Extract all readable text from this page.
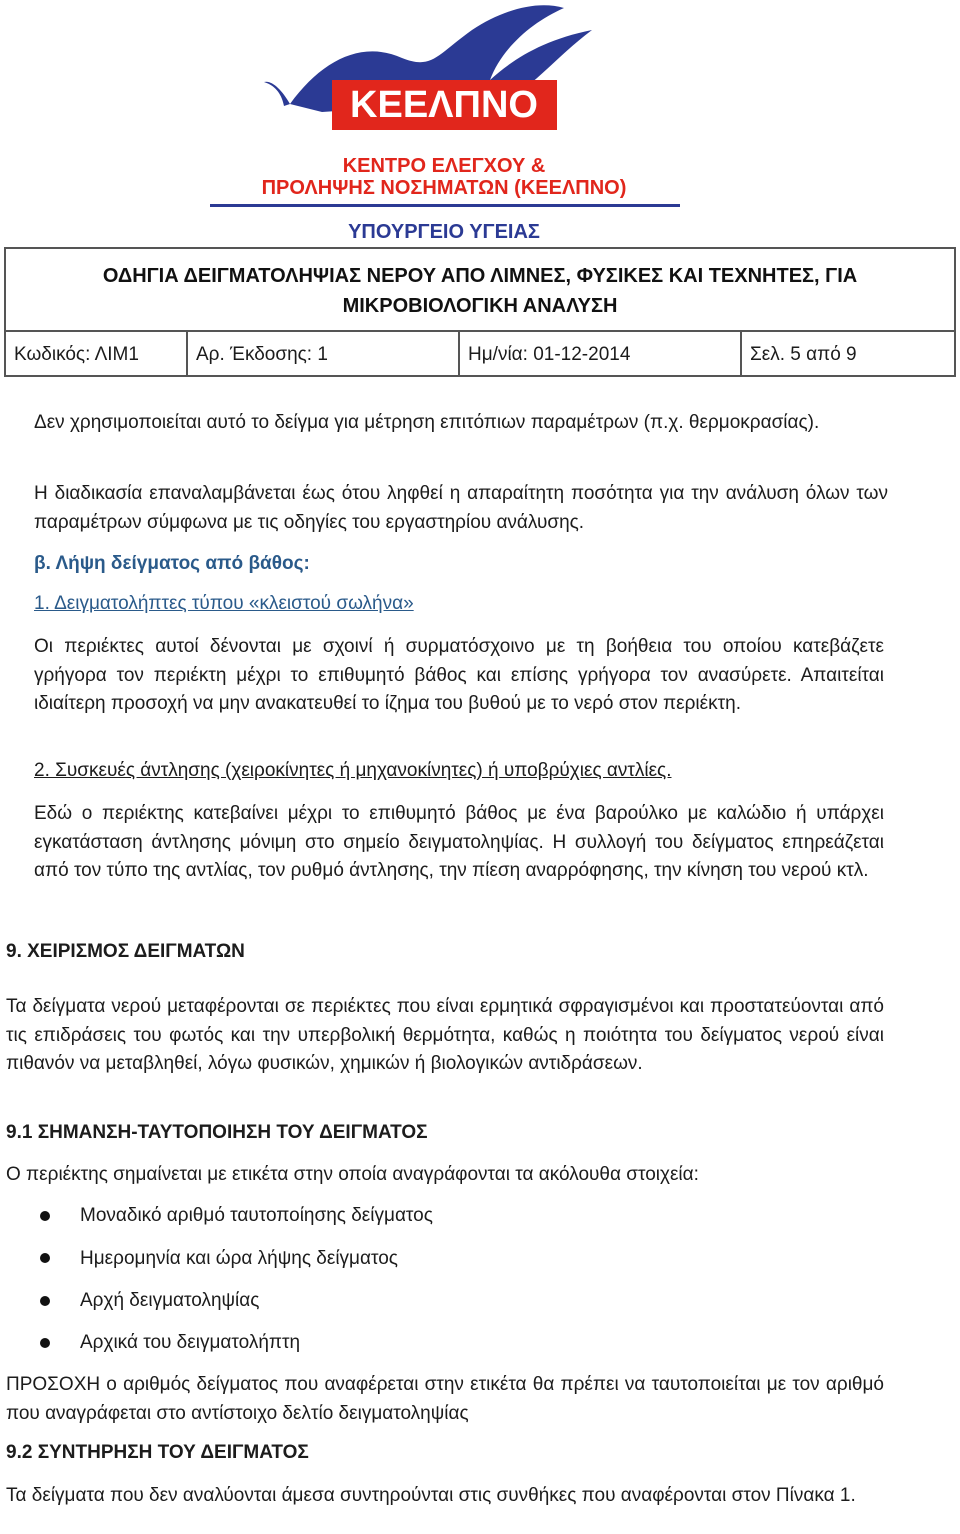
ΚΕΕΛΠΝΟ
ΚΕΝΤΡΟ ΕΛΕΓΧΟΥ &
ΠΡΟΛΗΨΗΣ ΝΟΣΗΜΑΤΩΝ (ΚΕΕΛΠΝΟ)
ΥΠΟΥΡΓΕΙΟ ΥΓΕΙΑΣ
ΟΔΗΓΙΑ ΔΕΙΓΜΑΤΟΛΗΨΙΑΣ ΝΕΡΟΥ ΑΠΟ ΛΙΜΝΕΣ, ΦΥΣΙΚΕΣ ΚΑΙ ΤΕΧΝΗΤΕΣ, ΓΙΑ
ΜΙΚΡΟΒΙΟΛΟΓΙΚΗ ΑΝΑΛΥΣΗ
Κωδικός: ΛΙΜ1	Αρ. Έκδοσης: 1	Ημ/νία: 01-12-2014	Σελ. 5 από 9
Δεν χρησιμοποιείται αυτό το δείγμα για μέτρηση επιτόπιων παραμέτρων (π.χ. θερμοκρασίας).
Η διαδικασία επαναλαμβάνεται έως ότου ληφθεί η απαραίτητη ποσότητα για την ανάλυση όλων των παραμέτρων σύμφωνα με τις οδηγίες του εργαστηρίου ανάλυσης.
β. Λήψη δείγματος από βάθος:
1. Δειγματολήπτες τύπου «κλειστού σωλήνα»
Οι περιέκτες αυτοί δένονται με σχοινί ή συρματόσχοινο με τη βοήθεια του οποίου κατεβάζετε γρήγορα τον περιέκτη μέχρι το επιθυμητό βάθος και επίσης γρήγορα τον ανασύρετε. Απαιτείται ιδιαίτερη προσοχή να μην ανακατευθεί το ίζημα του βυθού με το νερό στον περιέκτη.
2. Συσκευές άντλησης (χειροκίνητες ή μηχανοκίνητες) ή υποβρύχιες αντλίες.
Εδώ ο περιέκτης κατεβαίνει μέχρι το επιθυμητό βάθος με ένα βαρούλκο με καλώδιο ή υπάρχει εγκατάσταση άντλησης μόνιμη στο σημείο δειγματοληψίας. Η συλλογή του δείγματος επηρεάζεται από τον τύπο της αντλίας, τον ρυθμό άντλησης, την πίεση αναρρόφησης, την κίνηση του νερού κτλ.
9. ΧΕΙΡΙΣΜΟΣ ΔΕΙΓΜΑΤΩΝ
Τα δείγματα νερού μεταφέρονται σε περιέκτες που είναι ερμητικά σφραγισμένοι και προστατεύονται από τις επιδράσεις του φωτός και την υπερβολική θερμότητα, καθώς η ποιότητα του δείγματος νερού είναι πιθανόν να μεταβληθεί, λόγω φυσικών, χημικών ή βιολογικών αντιδράσεων.
9.1 ΣΗΜΑΝΣΗ-ΤΑΥΤΟΠΟΙΗΣΗ ΤΟΥ ΔΕΙΓΜΑΤΟΣ
Ο περιέκτης σημαίνεται με ετικέτα στην οποία αναγράφονται τα ακόλουθα στοιχεία:
Μοναδικό αριθμό ταυτοποίησης δείγματος
Ημερομηνία και ώρα λήψης δείγματος
Αρχή δειγματοληψίας
Αρχικά του δειγματολήπτη
ΠΡΟΣΟΧΗ ο αριθμός δείγματος που αναφέρεται στην ετικέτα θα πρέπει να ταυτοποιείται με τον αριθμό που αναγράφεται στο αντίστοιχο δελτίο δειγματοληψίας
9.2 ΣΥΝΤΗΡΗΣΗ ΤΟΥ ΔΕΙΓΜΑΤΟΣ
Τα δείγματα που δεν αναλύονται άμεσα συντηρούνται στις συνθήκες που αναφέρονται στον Πίνακα 1.
